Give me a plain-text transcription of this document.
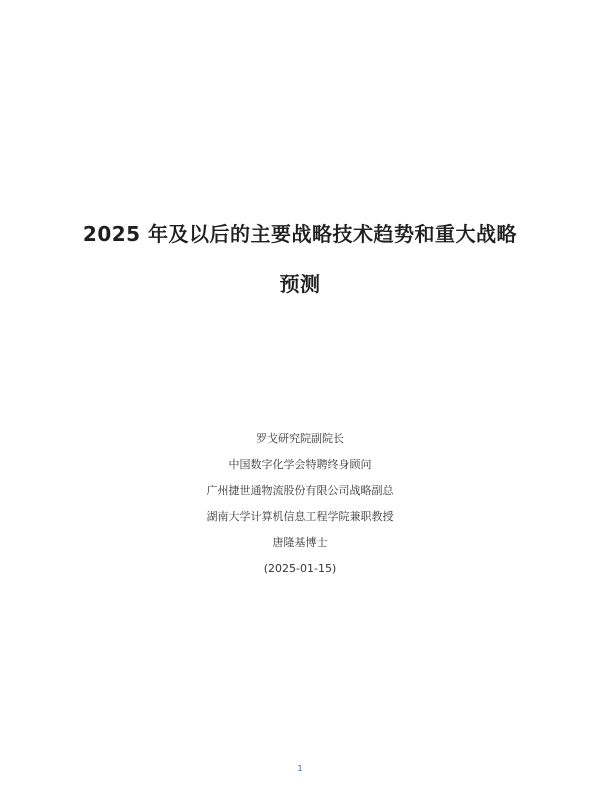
2025 年及以后的主要战略技术趋势和重大战略
预测
罗戈研究院副院长
中国数字化学会特聘终身顾问
广州捷世通物流股份有限公司战略副总
湖南大学计算机信息工程学院兼职教授
唐隆基博士
(2025-01-15)
1
